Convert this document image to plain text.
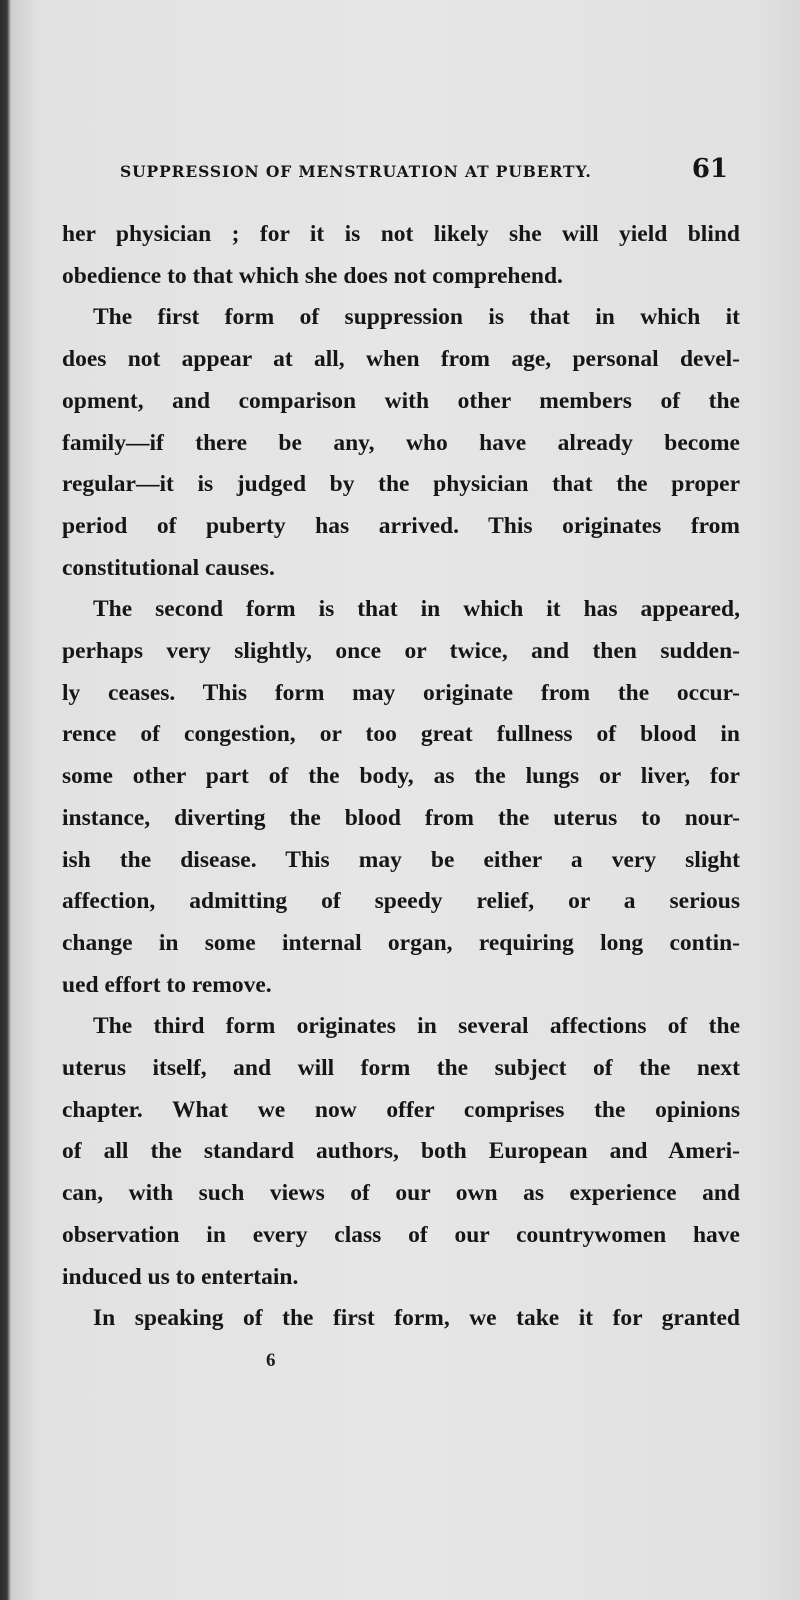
SUPPRESSION OF MENSTRUATION AT PUBERTY.	61
her physician ; for it is not likely she will yield blind
obedience to that which she does not comprehend.
The first form of suppression is that in which it
does not appear at all, when from age, personal devel-
opment, and comparison with other members of the
family—if there be any, who have already become
regular—it is judged by the physician that the proper
period of puberty has arrived. This originates from
constitutional causes.
The second form is that in which it has appeared,
perhaps very slightly, once or twice, and then sudden-
ly ceases. This form may originate from the occur-
rence of congestion, or too great fullness of blood in
some other part of the body, as the lungs or liver, for
instance, diverting the blood from the uterus to nour-
ish the disease. This may be either a very slight
affection, admitting of speedy relief, or a serious
change in some internal organ, requiring long contin-
ued effort to remove.
The third form originates in several affections of the
uterus itself, and will form the subject of the next
chapter. What we now offer comprises the opinions
of all the standard authors, both European and Ameri-
can, with such views of our own as experience and
observation in every class of our countrywomen have
induced us to entertain.
In speaking of the first form, we take it for granted
6
